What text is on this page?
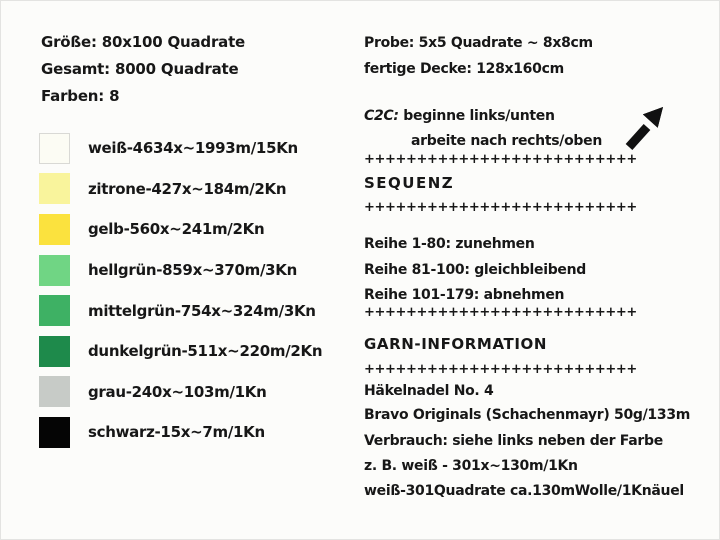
Größe: 80x100 Quadrate
Gesamt: 8000 Quadrate
Farben: 8
weiß-4634x~1993m/15Kn
zitrone-427x~184m/2Kn
gelb-560x~241m/2Kn
hellgrün-859x~370m/3Kn
mittelgrün-754x~324m/3Kn
dunkelgrün-511x~220m/2Kn
grau-240x~103m/1Kn
schwarz-15x~7m/1Kn
Probe: 5x5 Quadrate ~ 8x8cm
fertige Decke: 128x160cm
C2C: beginne links/unten
arbeite nach rechts/oben
++++++++++++++++++++++++++
SEQUENZ
++++++++++++++++++++++++++
Reihe 1-80: zunehmen
Reihe 81-100: gleichbleibend
Reihe 101-179: abnehmen
++++++++++++++++++++++++++
GARN-INFORMATION
++++++++++++++++++++++++++
Häkelnadel No. 4
Bravo Originals (Schachenmayr) 50g/133m
Verbrauch: siehe links neben der Farbe
z. B. weiß - 301x~130m/1Kn
weiß-301Quadrate ca.130mWolle/1Knäuel
